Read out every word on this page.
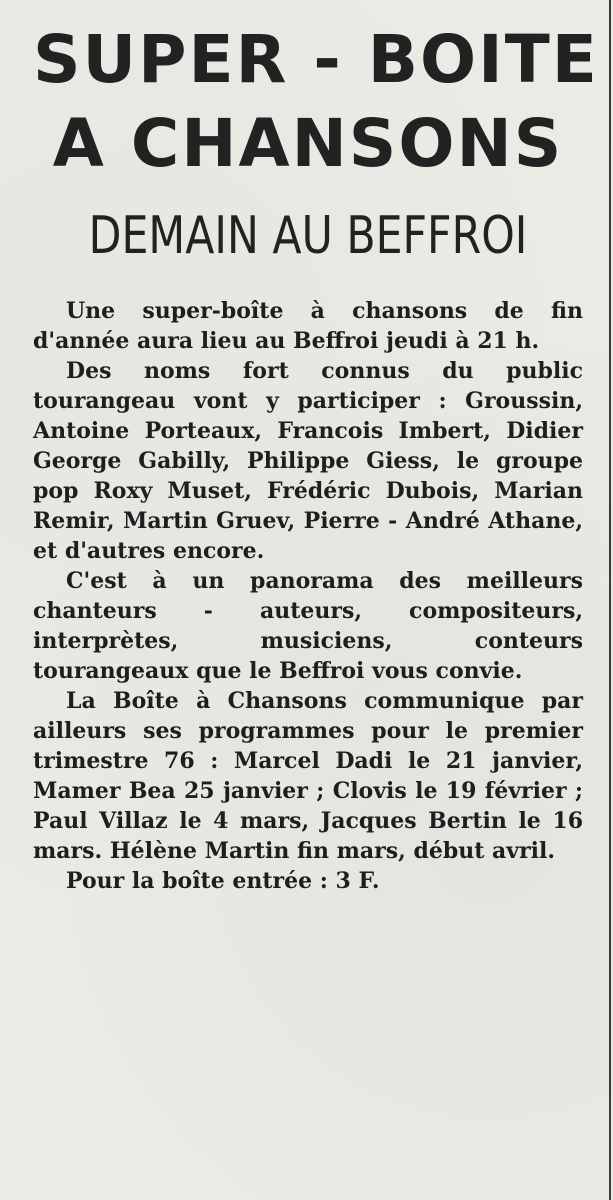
SUPER - BOITE
A CHANSONS
DEMAIN AU BEFFROI

Une super-boîte à chansons de fin d'année aura lieu au Beffroi jeudi à 21 h.

Des noms fort connus du public tourangeau vont y participer : Groussin, Antoine Porteaux, Francois Imbert, Didier George Gabilly, Philippe Giess, le groupe pop Roxy Muset, Frédéric Dubois, Marian Remir, Martin Gruev, Pierre - André Athane, et d'autres encore.

C'est à un panorama des meilleurs chanteurs - auteurs, compositeurs, interprètes, musiciens, conteurs tourangeaux que le Beffroi vous convie.

La Boîte à Chansons communique par ailleurs ses programmes pour le premier trimestre 76 : Marcel Dadi le 21 janvier, Mamer Bea 25 janvier ; Clovis le 19 février ; Paul Villaz le 4 mars, Jacques Bertin le 16 mars. Hélène Martin fin mars, début avril.

Pour la boîte entrée : 3 F.
